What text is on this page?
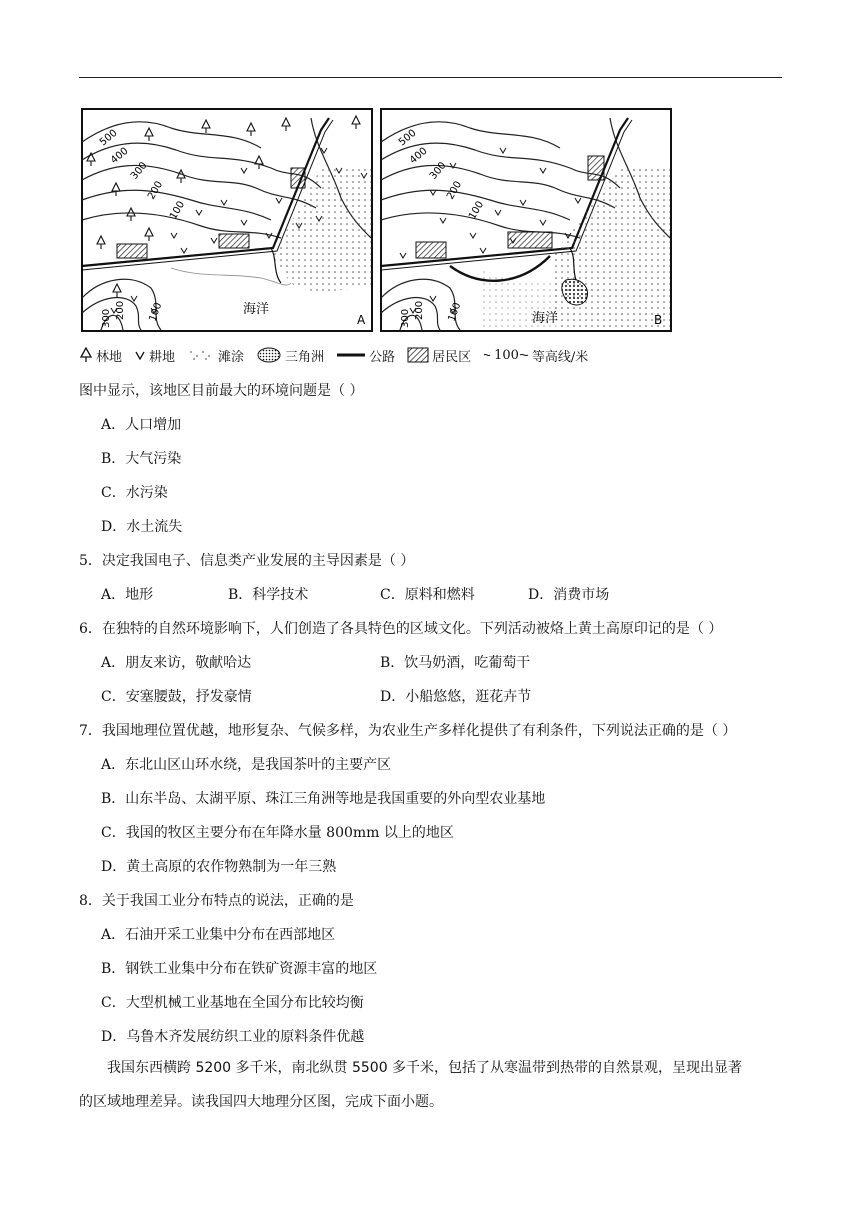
500
400
300
200
100
300 200 100	海洋
A
500
400
300
200
100
300 200 100	海洋	B
林地 耕地	滩涂	三角洲	公路	居民区 100 等高线/米
图中显示，该地区目前最大的环境问题是（ ）
A．人口增加
B．大气污染
C．水污染
D．水土流失
5．决定我国电子、信息类产业发展的主导因素是（ ）
A．地形	B．科学技术	C．原料和燃料	D．消费市场
6．在独特的自然环境影响下，人们创造了各具特色的区域文化。下列活动被烙上黄土高原印记的是（ ）
A．朋友来访，敬献哈达	B．饮马奶酒，吃葡萄干
C．安塞腰鼓，抒发豪情	D．小船悠悠，逛花卉节
7．我国地理位置优越，地形复杂、气候多样，为农业生产多样化提供了有利条件，下列说法正确的是（ ）
A．东北山区山环水绕，是我国茶叶的主要产区
B．山东半岛、太湖平原、珠江三角洲等地是我国重要的外向型农业基地
C．我国的牧区主要分布在年降水量 800mm 以上的地区
D．黄土高原的农作物熟制为一年三熟
8．关于我国工业分布特点的说法，正确的是
A．石油开采工业集中分布在西部地区
B．钢铁工业集中分布在铁矿资源丰富的地区
C．大型机械工业基地在全国分布比较均衡
D．乌鲁木齐发展纺织工业的原料条件优越
我国东西横跨 5200 多千米，南北纵贯 5500 多千米，包括了从寒温带到热带的自然景观，呈现出显著
的区域地理差异。读我国四大地理分区图，完成下面小题。
